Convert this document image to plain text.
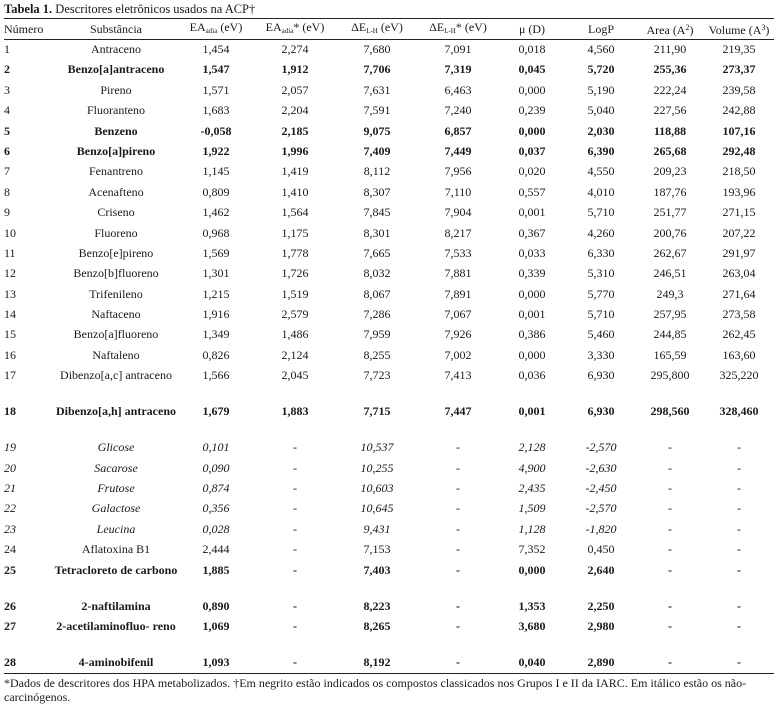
Tabela 1. Descritores eletrônicos usados na ACP†
Número	Substância	$EA_{adia}$ (eV)	$EA_{adia}*$ (eV)	$\Delta E_{L-H}$ (eV)	$\Delta E_{L-H}*$ (eV)	μ (D)	LogP	Area $(A^2)$	Volume $(A^3)$
1	Antraceno	1,454	2,274	7,680	7,091	0,018	4,560	211,90	219,35
2	Benzo[a]antraceno	1,547	1,912	7,706	7,319	0,045	5,720	255,36	273,37
3	Pireno	1,571	2,057	7,631	6,463	0,000	5,190	222,24	239,58
4	Fluoranteno	1,683	2,204	7,591	7,240	0,239	5,040	227,56	242,88
5	Benzeno	-0,058	2,185	9,075	6,857	0,000	2,030	118,88	107,16
6	Benzo[a]pireno	1,922	1,996	7,409	7,449	0,037	6,390	265,68	292,48
7	Fenantreno	1,145	1,419	8,112	7,956	0,020	4,550	209,23	218,50
8	Acenafteno	0,809	1,410	8,307	7,110	0,557	4,010	187,76	193,96
9	Criseno	1,462	1,564	7,845	7,904	0,001	5,710	251,77	271,15
10	Fluoreno	0,968	1,175	8,301	8,217	0,367	4,260	200,76	207,22
11	Benzo[e]pireno	1,569	1,778	7,665	7,533	0,033	6,330	262,67	291,97
12	Benzo[b]fluoreno	1,301	1,726	8,032	7,881	0,339	5,310	246,51	263,04
13	Trifenileno	1,215	1,519	8,067	7,891	0,000	5,770	249,3	271,64
14	Naftaceno	1,916	2,579	7,286	7,067	0,001	5,710	257,95	273,58
15	Benzo[a]fluoreno	1,349	1,486	7,959	7,926	0,386	5,460	244,85	262,45
16	Naftaleno	0,826	2,124	8,255	7,002	0,000	3,330	165,59	163,60
17	Dibenzo[a,c] antraceno	1,566	2,045	7,723	7,413	0,036	6,930	295,800	325,220
18	Dibenzo[a,h] antraceno	1,679	1,883	7,715	7,447	0,001	6,930	298,560	328,460
19	Glicose	0,101	-	10,537	-	2,128	-2,570	-	-
20	Sacarose	0,090	-	10,255	-	4,900	-2,630	-	-
21	Frutose	0,874	-	10,603	-	2,435	-2,450	-	-
22	Galactose	0,356	-	10,645	-	1,509	-2,570	-	-
23	Leucina	0,028	-	9,431	-	1,128	-1,820	-	-
24	Aflatoxina B1	2,444	-	7,153	-	7,352	0,450	-	-
25	Tetracloreto de carbono	1,885	-	7,403	-	0,000	2,640	-	-
26	2-naftilamina	0,890	-	8,223	-	1,353	2,250	-	-
27	2-acetilaminofluo- reno	1,069	-	8,265	-	3,680	2,980	-	-
28	4-aminobifenil	1,093	-	8,192	-	0,040	2,890	-	-
*Dados de descritores dos HPA metabolizados. †Em negrito estão indicados os compostos classicados nos Grupos I e II da IARC. Em itálico estão os não-carcinógenos.
